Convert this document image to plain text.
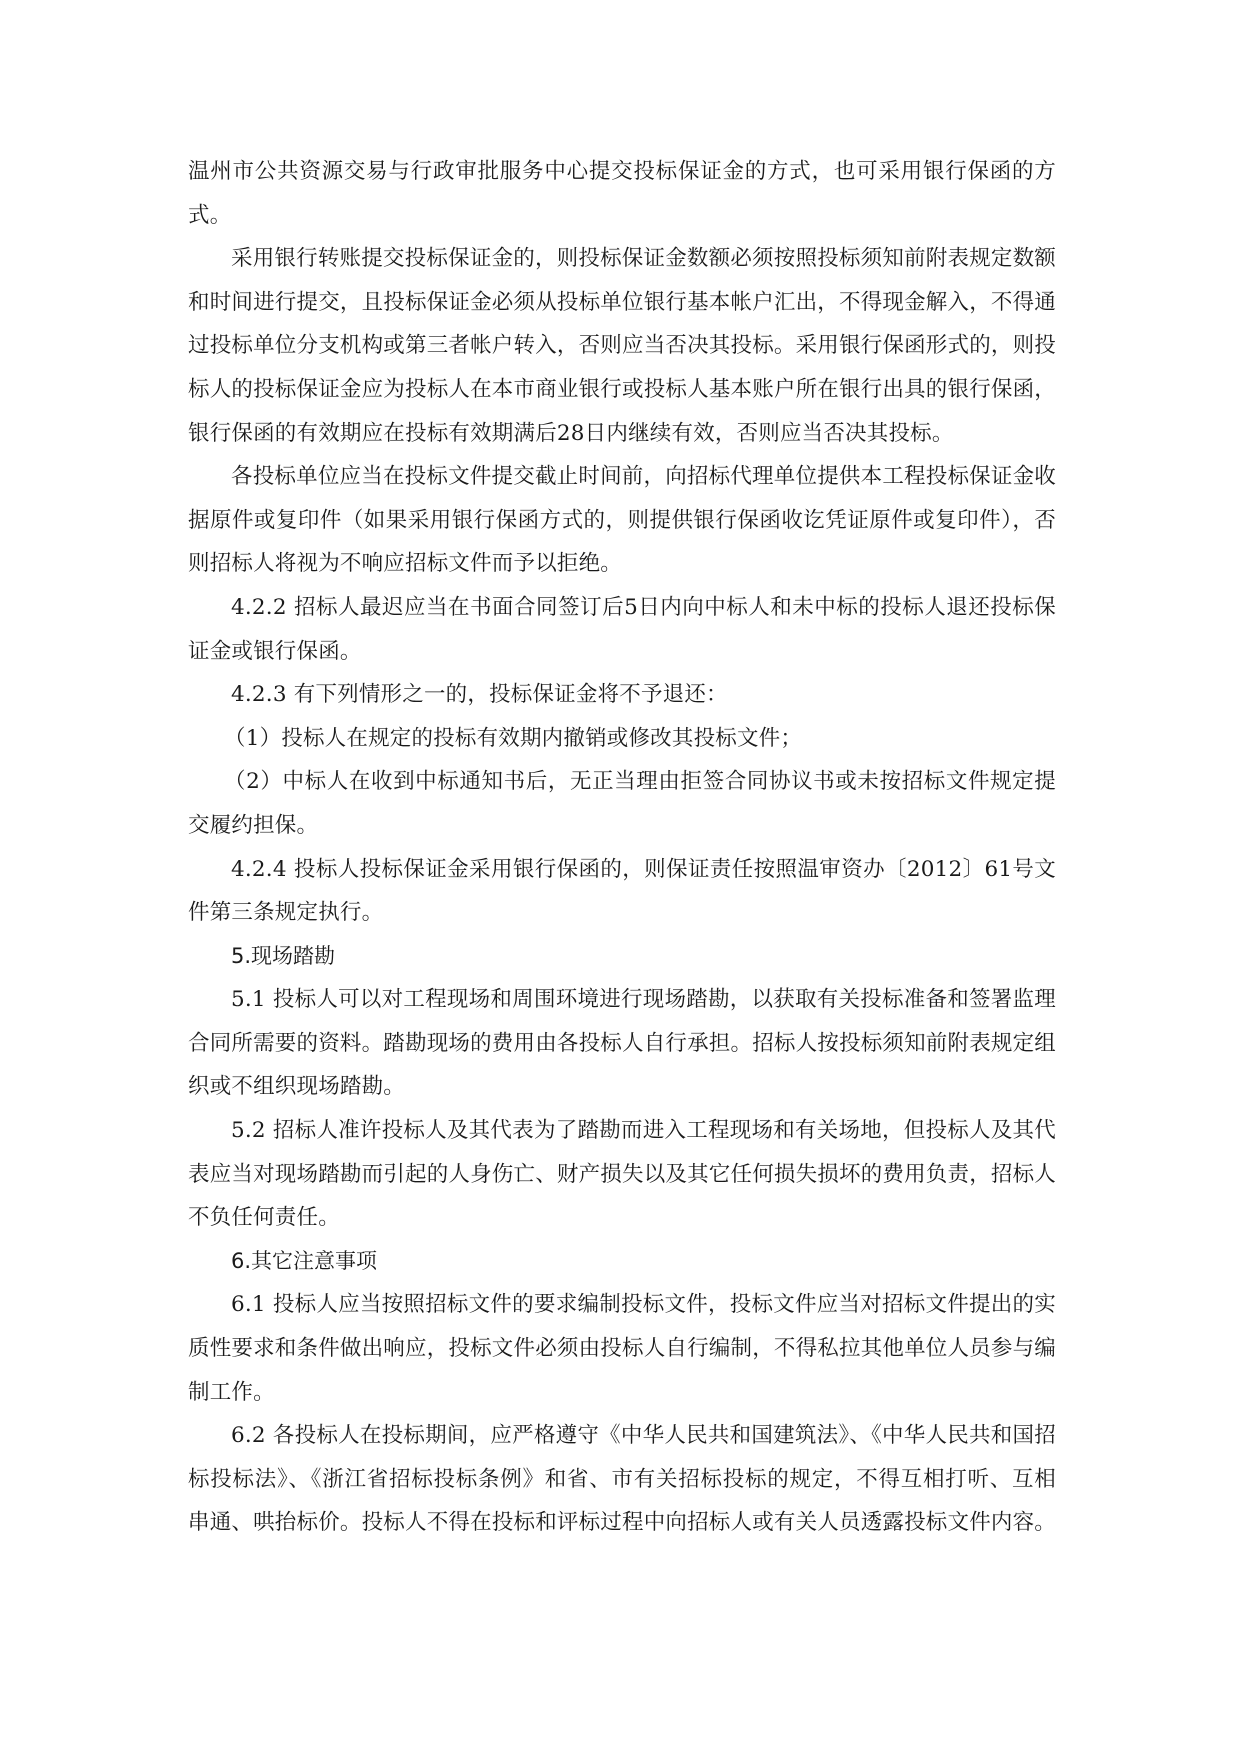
温州市公共资源交易与行政审批服务中心提交投标保证金的方式，也可采用银行保函的方式。

采用银行转账提交投标保证金的，则投标保证金数额必须按照投标须知前附表规定数额和时间进行提交，且投标保证金必须从投标单位银行基本帐户汇出，不得现金解入，不得通过投标单位分支机构或第三者帐户转入，否则应当否决其投标。采用银行保函形式的，则投标人的投标保证金应为投标人在本市商业银行或投标人基本账户所在银行出具的银行保函，银行保函的有效期应在投标有效期满后28日内继续有效，否则应当否决其投标。

各投标单位应当在投标文件提交截止时间前，向招标代理单位提供本工程投标保证金收据原件或复印件（如果采用银行保函方式的，则提供银行保函收讫凭证原件或复印件），否则招标人将视为不响应招标文件而予以拒绝。

4.2.2 招标人最迟应当在书面合同签订后5日内向中标人和未中标的投标人退还投标保证金或银行保函。

4.2.3 有下列情形之一的，投标保证金将不予退还：

（1）投标人在规定的投标有效期内撤销或修改其投标文件；

（2）中标人在收到中标通知书后，无正当理由拒签合同协议书或未按招标文件规定提交履约担保。

4.2.4 投标人投标保证金采用银行保函的，则保证责任按照温审资办〔2012〕61号文件第三条规定执行。

5.现场踏勘

5.1 投标人可以对工程现场和周围环境进行现场踏勘，以获取有关投标准备和签署监理合同所需要的资料。踏勘现场的费用由各投标人自行承担。招标人按投标须知前附表规定组织或不组织现场踏勘。

5.2 招标人准许投标人及其代表为了踏勘而进入工程现场和有关场地，但投标人及其代表应当对现场踏勘而引起的人身伤亡、财产损失以及其它任何损失损坏的费用负责，招标人不负任何责任。

6.其它注意事项

6.1 投标人应当按照招标文件的要求编制投标文件，投标文件应当对招标文件提出的实质性要求和条件做出响应，投标文件必须由投标人自行编制，不得私拉其他单位人员参与编制工作。

6.2 各投标人在投标期间，应严格遵守《中华人民共和国建筑法》、《中华人民共和国招标投标法》、《浙江省招标投标条例》和省、市有关招标投标的规定，不得互相打听、互相串通、哄抬标价。投标人不得在投标和评标过程中向招标人或有关人员透露投标文件内容。
